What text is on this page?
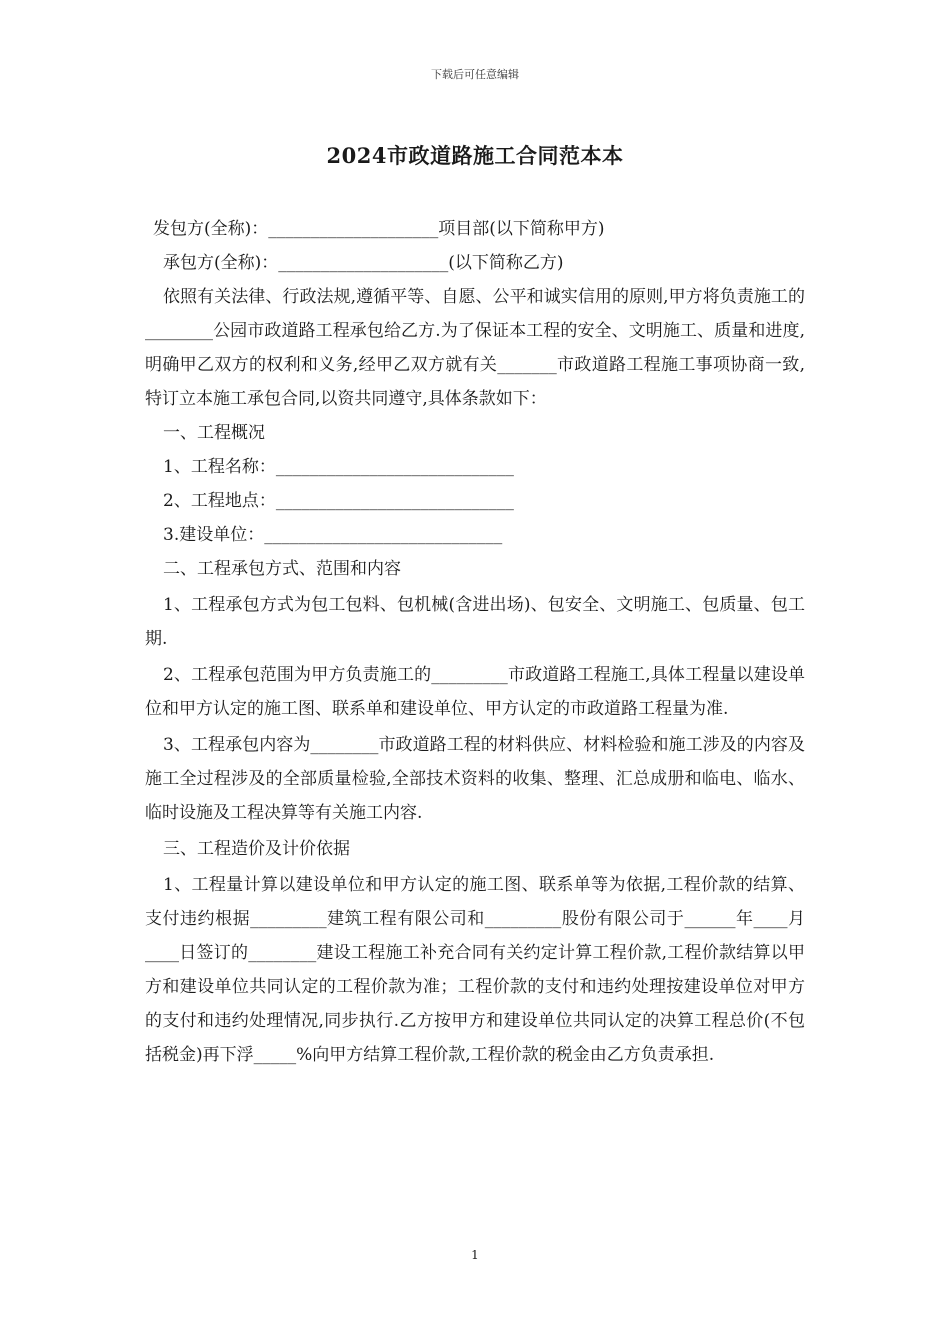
下载后可任意编辑
2024市政道路施工合同范本本
发包方(全称)：____________________项目部(以下简称甲方)
承包方(全称)：____________________(以下简称乙方)
依照有关法律、行政法规,遵循平等、自愿、公平和诚实信用的原则,甲方将负责施工的________公园市政道路工程承包给乙方.为了保证本工程的安全、文明施工、质量和进度,明确甲乙双方的权利和义务,经甲乙双方就有关_______市政道路工程施工事项协商一致,特订立本施工承包合同,以资共同遵守,具体条款如下：
一、工程概况
1、工程名称：____________________________
2、工程地点：____________________________
3.建设单位：____________________________
二、工程承包方式、范围和内容
1、工程承包方式为包工包料、包机械(含进出场)、包安全、文明施工、包质量、包工期.
2、工程承包范围为甲方负责施工的_________市政道路工程施工,具体工程量以建设单位和甲方认定的施工图、联系单和建设单位、甲方认定的市政道路工程量为准.
3、工程承包内容为________市政道路工程的材料供应、材料检验和施工涉及的内容及施工全过程涉及的全部质量检验,全部技术资料的收集、整理、汇总成册和临电、临水、临时设施及工程决算等有关施工内容.
三、工程造价及计价依据
1、工程量计算以建设单位和甲方认定的施工图、联系单等为依据,工程价款的结算、支付违约根据_________建筑工程有限公司和_________股份有限公司于______年____月____日签订的________建设工程施工补充合同有关约定计算工程价款,工程价款结算以甲方和建设单位共同认定的工程价款为准；工程价款的支付和违约处理按建设单位对甲方的支付和违约处理情况,同步执行.乙方按甲方和建设单位共同认定的决算工程总价(不包括税金)再下浮_____%向甲方结算工程价款,工程价款的税金由乙方负责承担.
1
